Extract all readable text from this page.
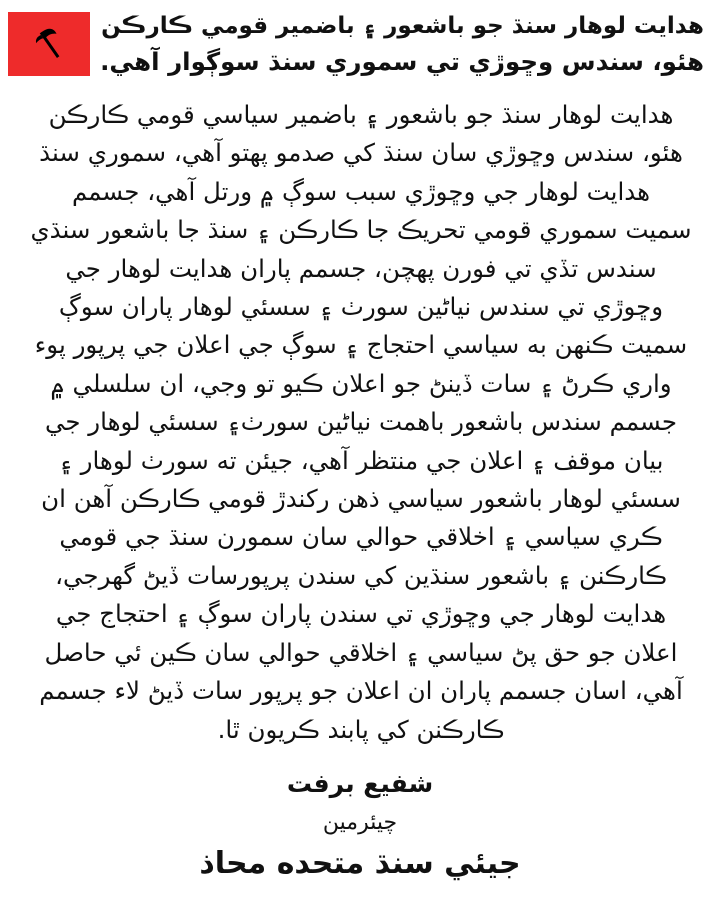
هدايت لوهار سنڌ جو باشعور ۽ باضمير قومي ڪارڪن
هئو، سندس وڇوڙي تي سموري سنڌ سوڳوار آهي.
هدايت لوهار سنڌ جو باشعور ۽ باضمير سياسي قومي ڪارڪن
هئو، سندس وڇوڙي سان سنڌ کي صدمو پهتو آهي، سموري سنڌ
هدايت لوهار جي وڇوڙي سبب سوڳ ۾ ورتل آهي، جسمم
سميت سموري قومي تحريڪ جا ڪارڪن ۽ سنڌ جا باشعور سنڌي
سندس تڏي تي فورن پهچن، جسمم پاران هدايت لوهار جي
وڇوڙي تي سندس نياڻين سورٺ ۽ سسئي لوهار پاران سوڳ
سميت ڪنهن به سياسي احتجاج ۽ سوڳ جي اعلان جي پرپور پوء
واري ڪرڻ ۽ سات ڏينڻ جو اعلان ڪيو تو وجي، ان سلسلي ۾
جسمم سندس باشعور باهمت نياڻين سورٺ۽ سسئي لوهار جي
بيان موقف ۽ اعلان جي منتظر آهي، جيئن ته سورٺ لوهار ۽
سسئي لوهار باشعور سياسي ذهن رکندڙ قومي ڪارڪن آهن ان
ڪري سياسي ۽ اخلاقي حوالي سان سمورن سنڌ جي قومي
ڪارڪنن ۽ باشعور سنڌين کي سندن پرپورسات ڏيڻ گهرجي،
هدايت لوهار جي وڇوڙي تي سندن پاران سوڳ ۽ احتجاج جي
اعلان جو حق پڻ سياسي ۽ اخلاقي حوالي سان ڪين ئي حاصل
آهي، اسان جسمم پاران ان اعلان جو پرپور سات ڏيڻ لاء جسمم
ڪارڪنن کي پابند ڪريون ٿا.
شفيع برفت
چيئرمين
جيئي سنڌ متحده محاذ
